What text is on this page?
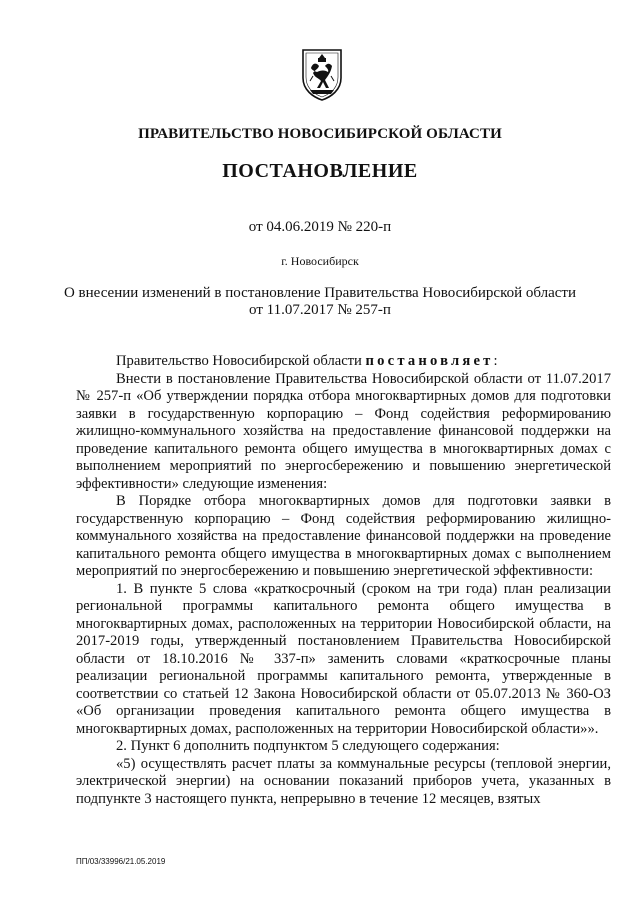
ПРАВИТЕЛЬСТВО НОВОСИБИРСКОЙ ОБЛАСТИ
ПОСТАНОВЛЕНИЕ
от 04.06.2019 № 220-п
г. Новосибирск
О внесении изменений в постановление Правительства Новосибирской области
от 11.07.2017 № 257-п

Правительство Новосибирской области постановляет:

Внести в постановление Правительства Новосибирской области от 11.07.2017 № 257-п «Об утверждении порядка отбора многоквартирных домов для подготовки заявки в государственную корпорацию – Фонд содействия реформированию жилищно-коммунального хозяйства на предоставление финансовой поддержки на проведение капитального ремонта общего имущества в многоквартирных домах с выполнением мероприятий по энергосбережению и повышению энергетической эффективности» следующие изменения:

В Порядке отбора многоквартирных домов для подготовки заявки в государственную корпорацию – Фонд содействия реформированию жилищно-коммунального хозяйства на предоставление финансовой поддержки на проведение капитального ремонта общего имущества в многоквартирных домах с выполнением мероприятий по энергосбережению и повышению энергетической эффективности:

1. В пункте 5 слова «краткосрочный (сроком на три года) план реализации региональной программы капитального ремонта общего имущества в многоквартирных домах, расположенных на территории Новосибирской области, на 2017-2019 годы, утвержденный постановлением Правительства Новосибирской области от 18.10.2016 № 337-п» заменить словами «краткосрочные планы реализации региональной программы капитального ремонта, утвержденные в соответствии со статьей 12 Закона Новосибирской области от 05.07.2013 № 360-ОЗ «Об организации проведения капитального ремонта общего имущества в многоквартирных домах, расположенных на территории Новосибирской области»».

2. Пункт 6 дополнить подпунктом 5 следующего содержания:

«5) осуществлять расчет платы за коммунальные ресурсы (тепловой энергии, электрической энергии) на основании показаний приборов учета, указанных в подпункте 3 настоящего пункта, непрерывно в течение 12 месяцев, взятых

ПП/03/33996/21.05.2019
